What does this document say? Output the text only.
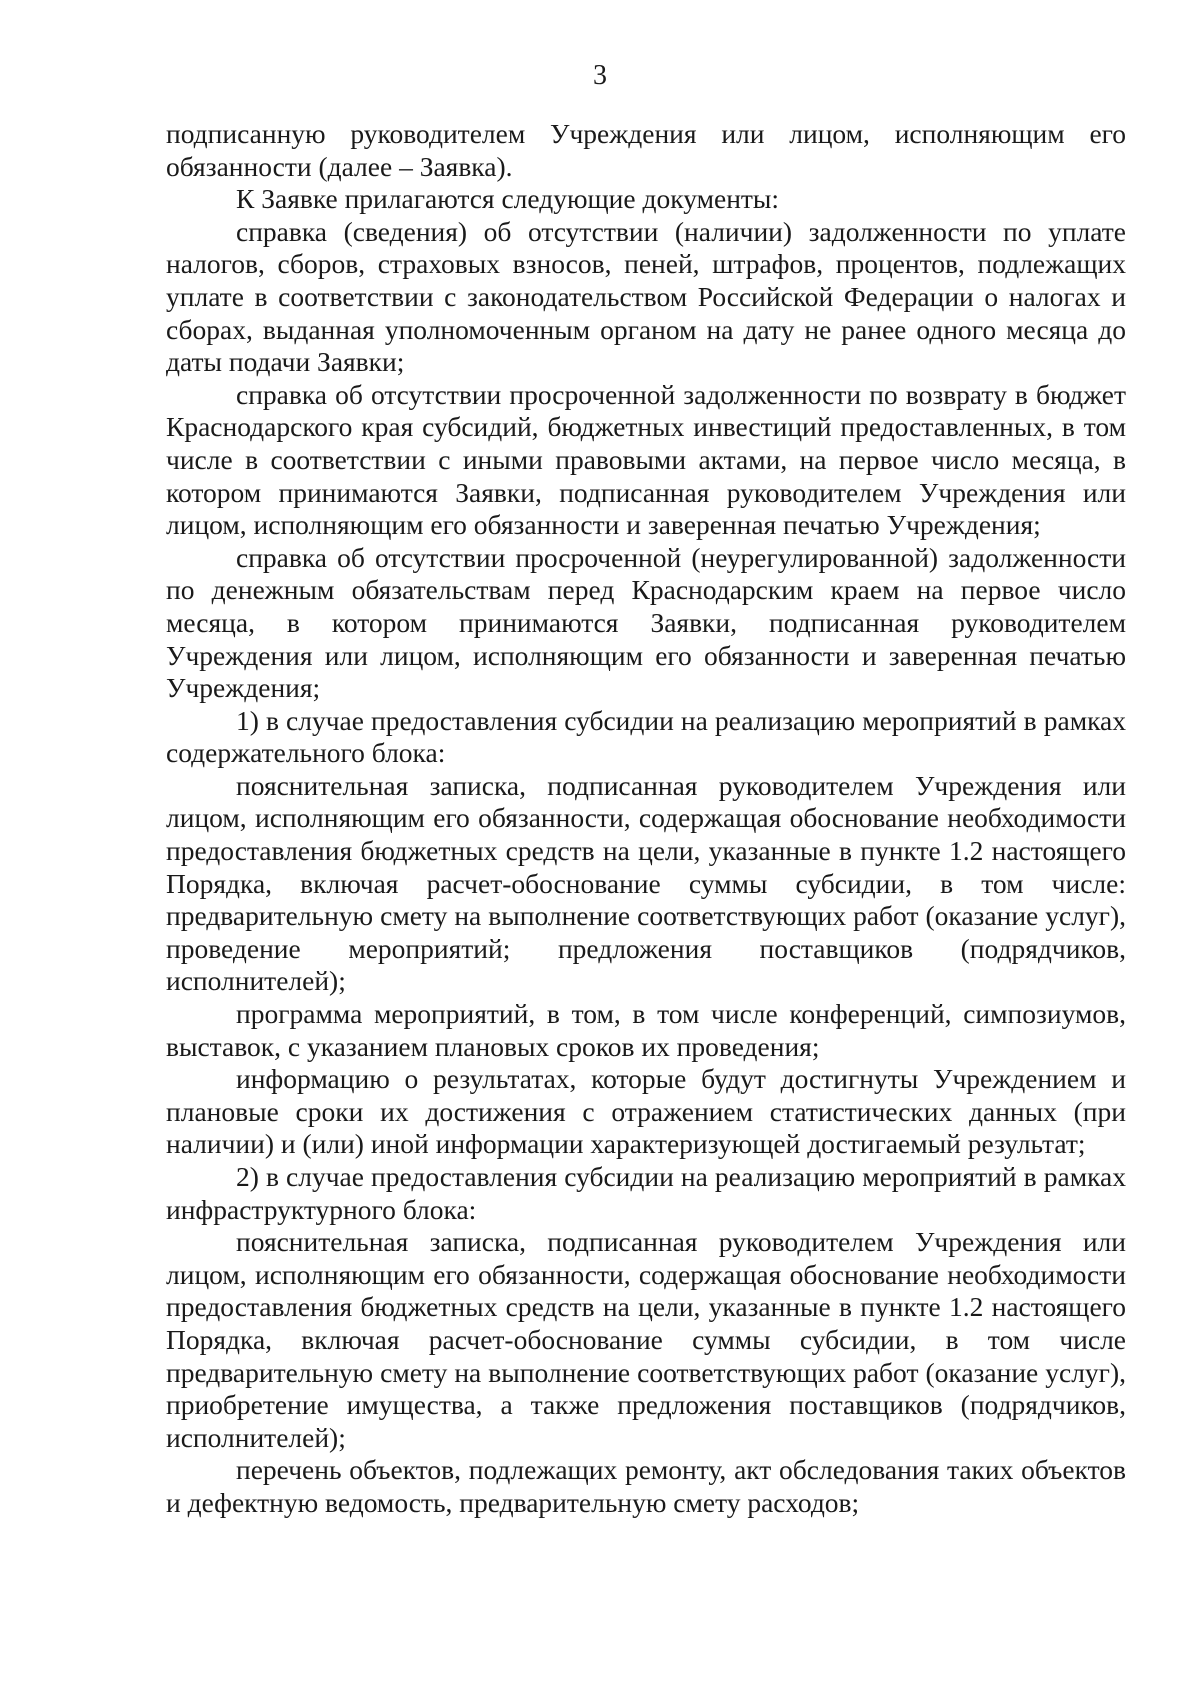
3

подписанную руководителем Учреждения или лицом, исполняющим его обязанности (далее – Заявка).

К Заявке прилагаются следующие документы:

справка (сведения) об отсутствии (наличии) задолженности по уплате налогов, сборов, страховых взносов, пеней, штрафов, процентов, подлежащих уплате в соответствии с законодательством Российской Федерации о налогах и сборах, выданная уполномоченным органом на дату не ранее одного месяца до даты подачи Заявки;

справка об отсутствии просроченной задолженности по возврату в бюджет Краснодарского края субсидий, бюджетных инвестиций предоставленных, в том числе в соответствии с иными правовыми актами, на первое число месяца, в котором принимаются Заявки, подписанная руководителем Учреждения или лицом, исполняющим его обязанности и заверенная печатью Учреждения;

справка об отсутствии просроченной (неурегулированной) задолженности по денежным обязательствам перед Краснодарским краем на первое число месяца, в котором принимаются Заявки, подписанная руководителем Учреждения или лицом, исполняющим его обязанности и заверенная печатью Учреждения;

1) в случае предоставления субсидии на реализацию мероприятий в рамках содержательного блока:

пояснительная записка, подписанная руководителем Учреждения или лицом, исполняющим его обязанности, содержащая обоснование необходимости предоставления бюджетных средств на цели, указанные в пункте 1.2 настоящего Порядка, включая расчет-обоснование суммы субсидии, в том числе: предварительную смету на выполнение соответствующих работ (оказание услуг), проведение мероприятий; предложения поставщиков (подрядчиков, исполнителей);

программа мероприятий, в том, в том числе конференций, симпозиумов, выставок, с указанием плановых сроков их проведения;

информацию о результатах, которые будут достигнуты Учреждением и плановые сроки их достижения с отражением статистических данных (при наличии) и (или) иной информации характеризующей достигаемый результат;

2) в случае предоставления субсидии на реализацию мероприятий в рамках инфраструктурного блока:

пояснительная записка, подписанная руководителем Учреждения или лицом, исполняющим его обязанности, содержащая обоснование необходимости предоставления бюджетных средств на цели, указанные в пункте 1.2 настоящего Порядка, включая расчет-обоснование суммы субсидии, в том числе предварительную смету на выполнение соответствующих работ (оказание услуг), приобретение имущества, а также предложения поставщиков (подрядчиков, исполнителей);

перечень объектов, подлежащих ремонту, акт обследования таких объектов и дефектную ведомость, предварительную смету расходов;
